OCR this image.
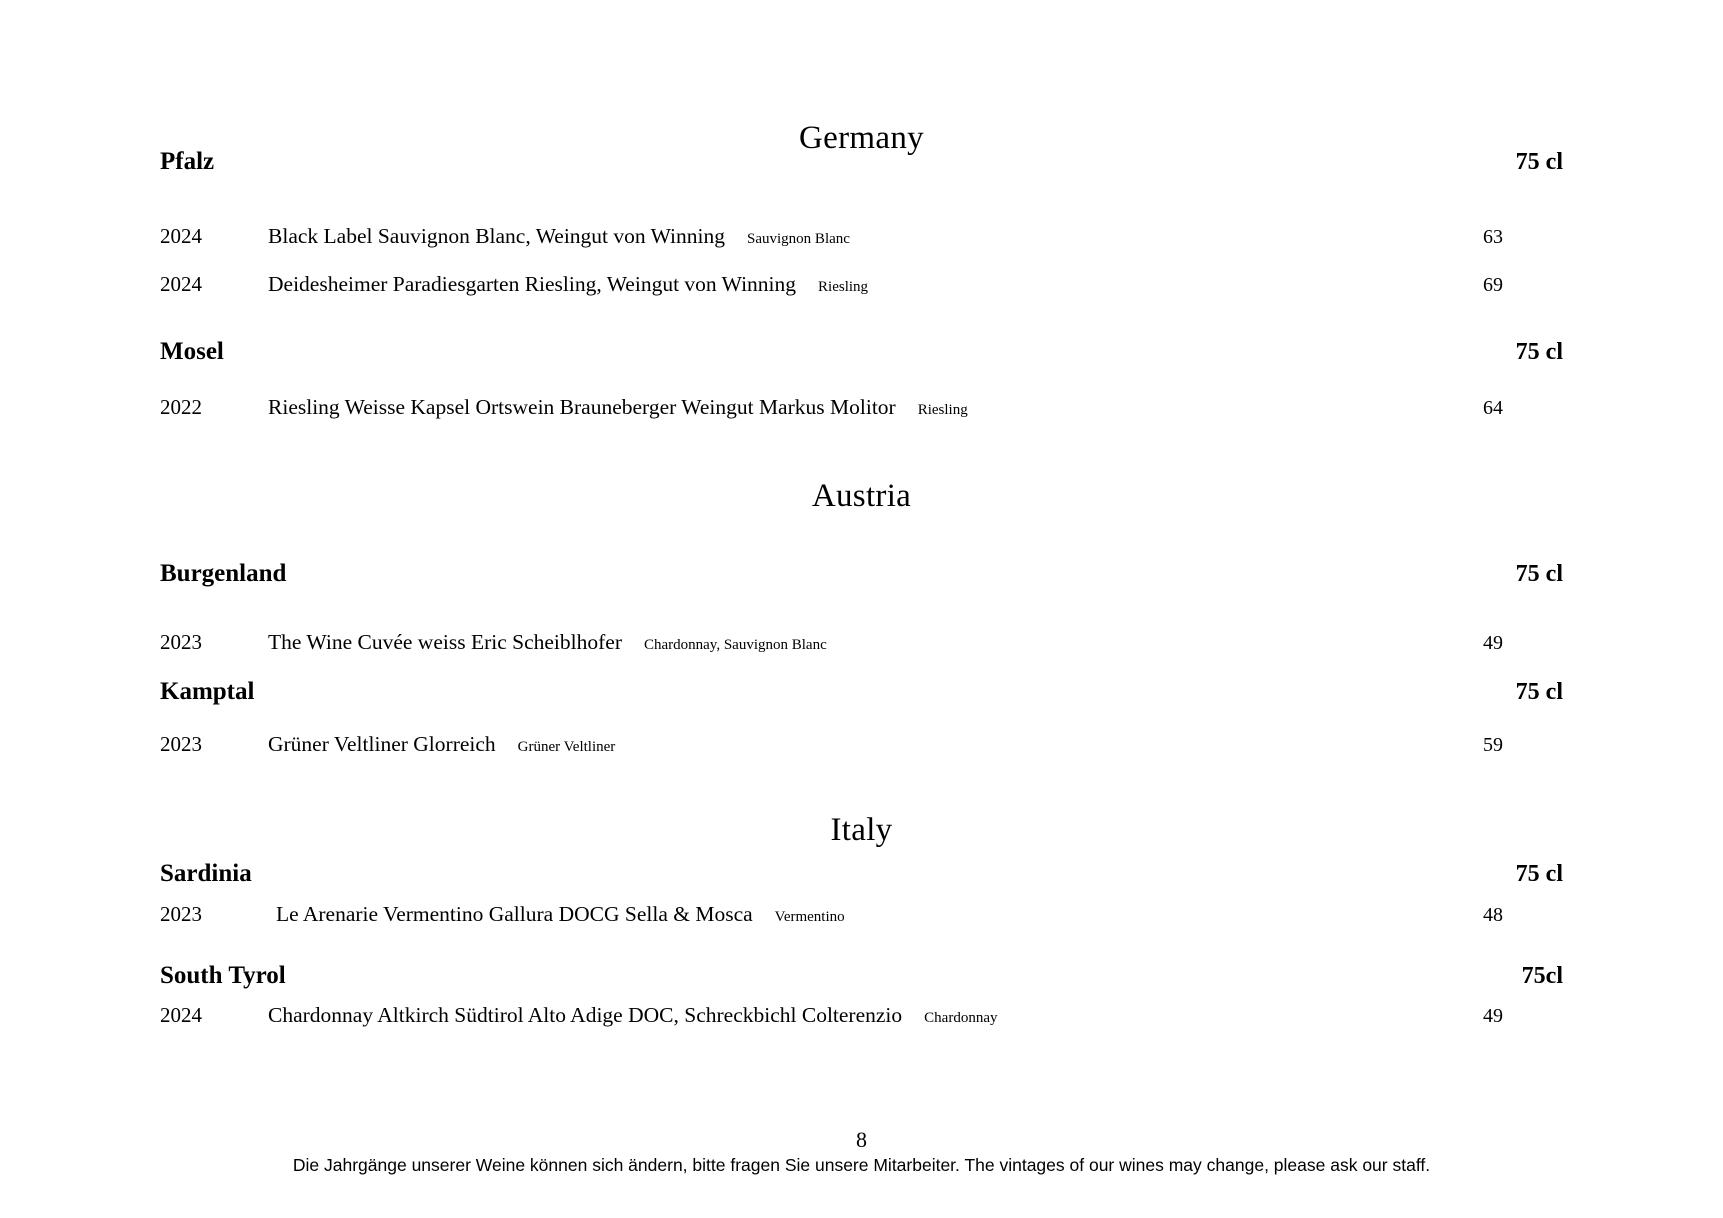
Germany
Pfalz	75 cl
2024	Black Label Sauvignon Blanc, Weingut von Winning Sauvignon Blanc	63
2024	Deidesheimer Paradiesgarten Riesling, Weingut von Winning Riesling	69
Mosel	75 cl
2022	Riesling Weisse Kapsel Ortswein Brauneberger Weingut Markus Molitor Riesling	64
Austria
Burgenland	75 cl
2023	The Wine Cuvée weiss Eric Scheiblhofer Chardonnay, Sauvignon Blanc	49
Kamptal	75 cl
2023	Grüner Veltliner Glorreich Grüner Veltliner	59
Italy
Sardinia	75 cl
2023	Le Arenarie Vermentino Gallura DOCG Sella & Mosca Vermentino	48
South Tyrol	75cl
2024	Chardonnay Altkirch Südtirol Alto Adige DOC, Schreckbichl Colterenzio Chardonnay	49
8
Die Jahrgänge unserer Weine können sich ändern, bitte fragen Sie unsere Mitarbeiter. The vintages of our wines may change, please ask our staff.
